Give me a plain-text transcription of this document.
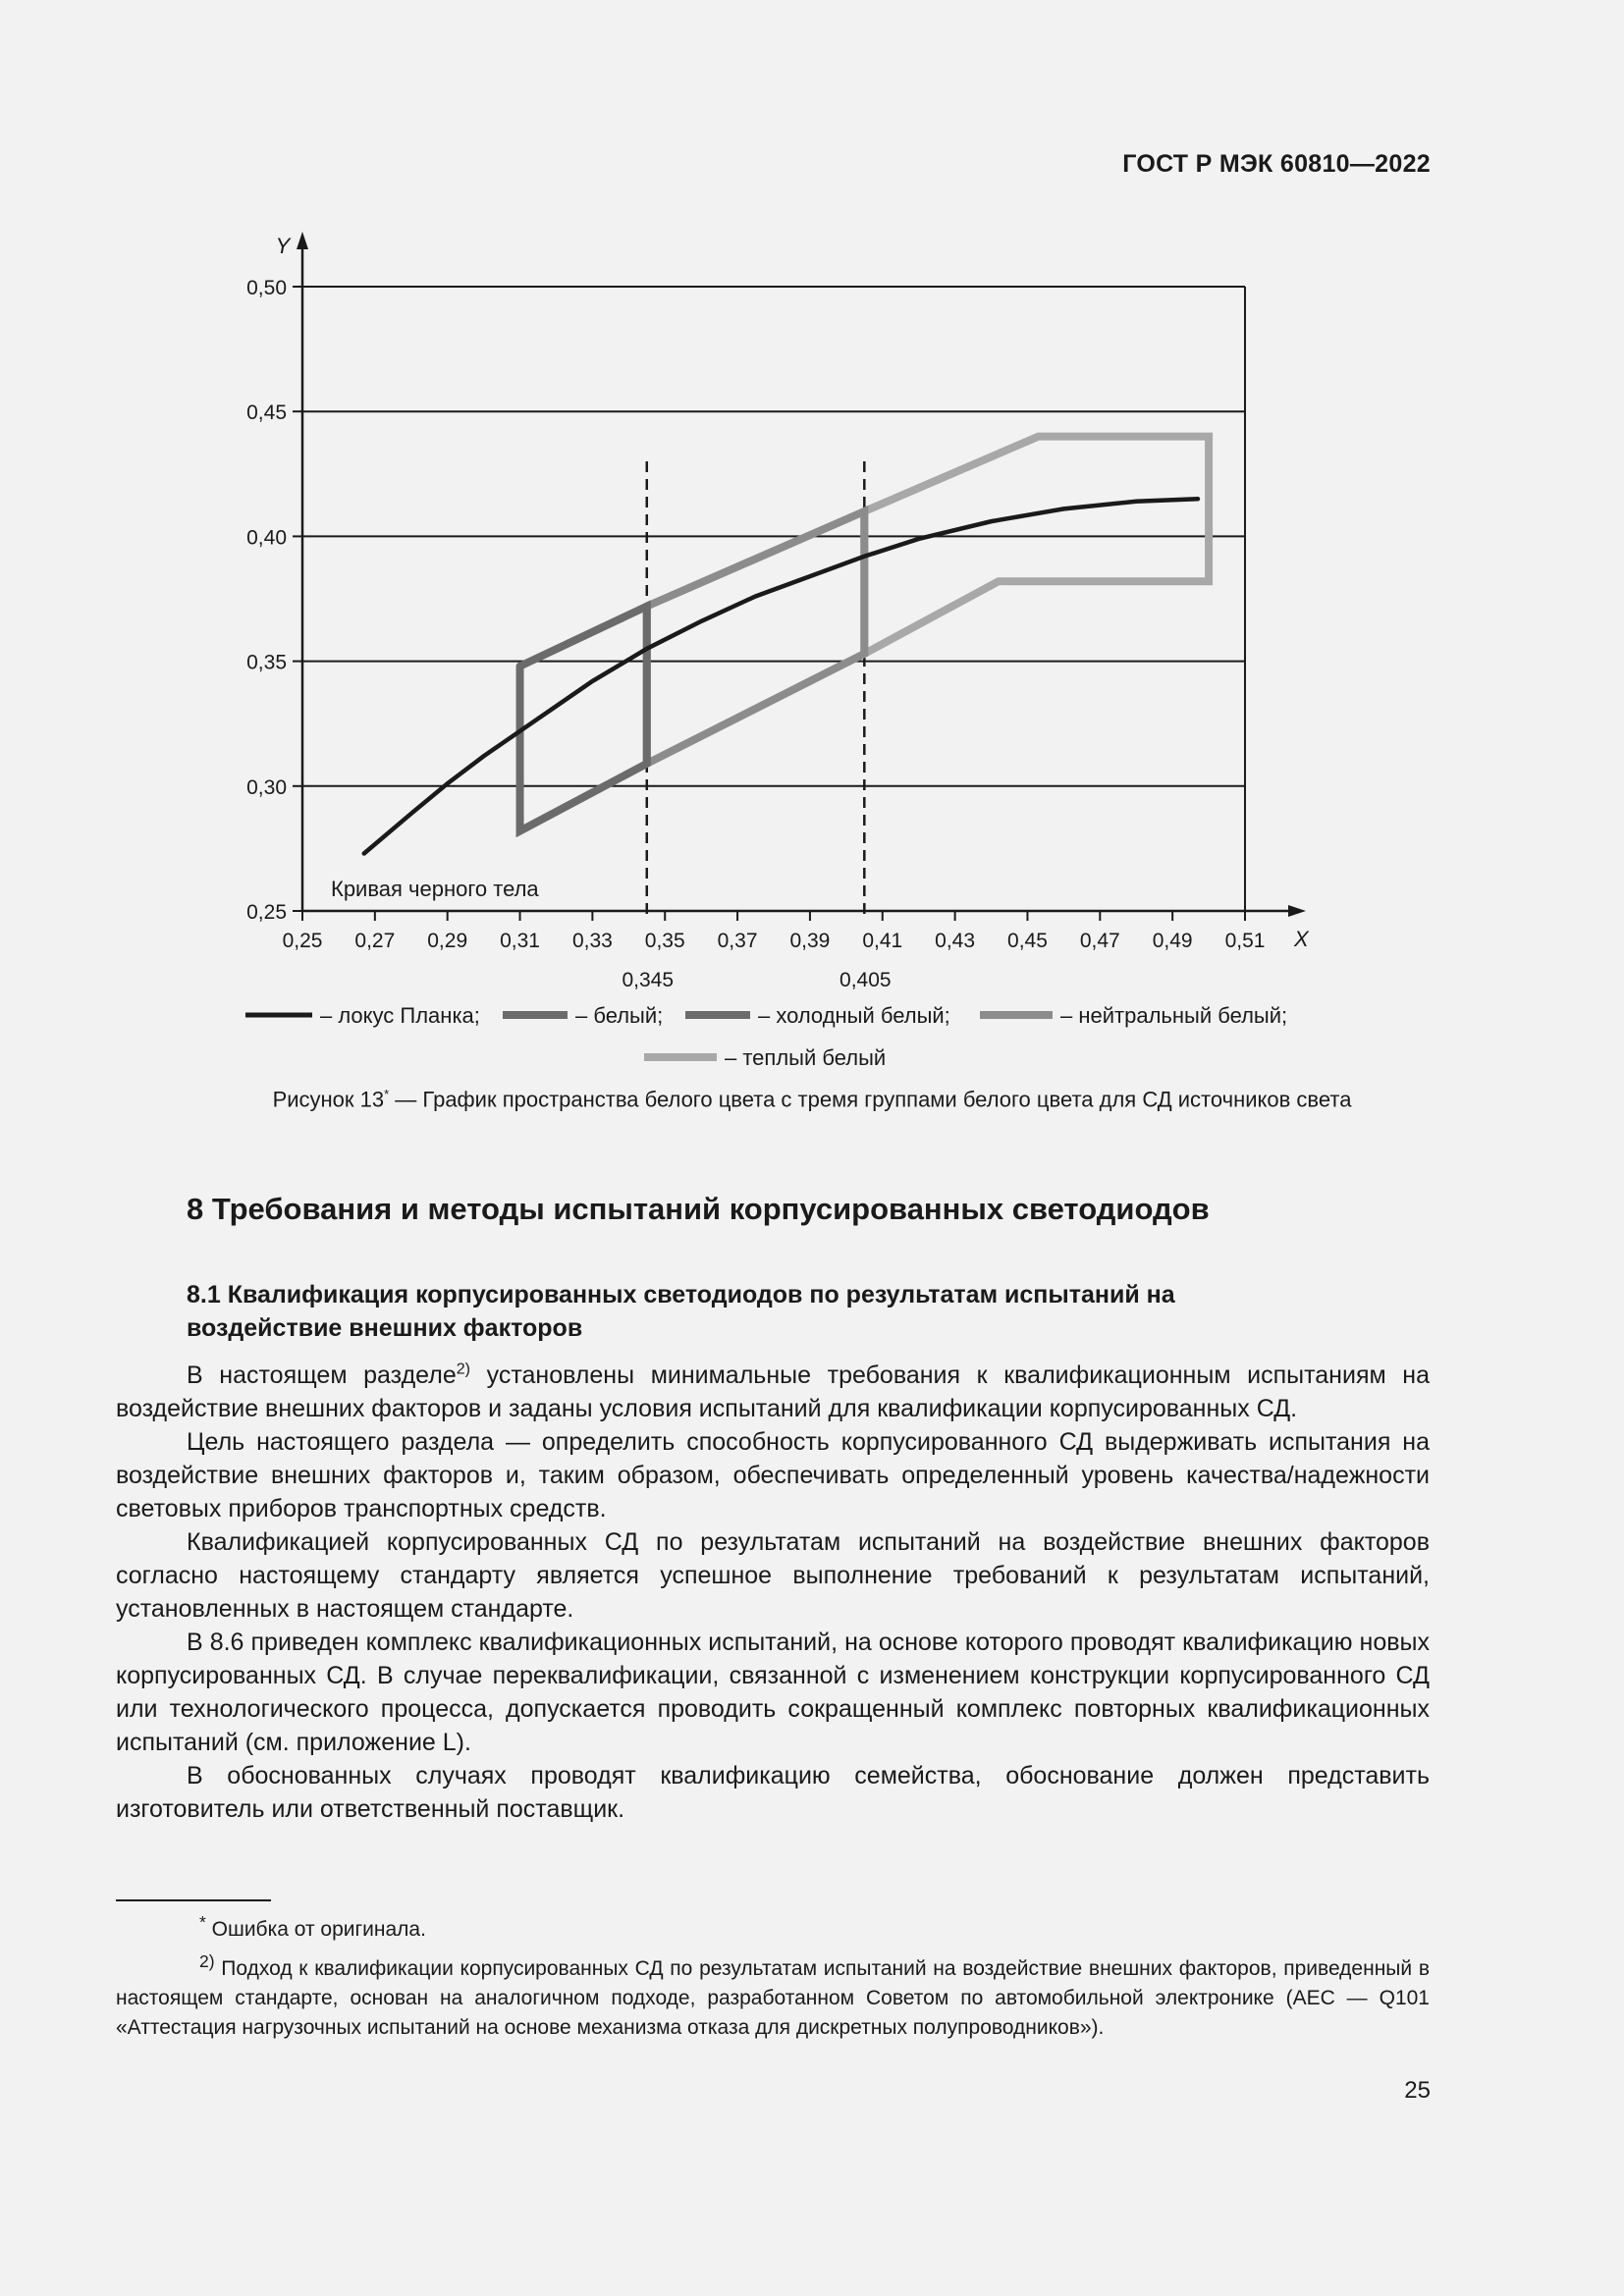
ГОСТ Р МЭК 60810—2022
0,25 0,27 0,29 0,31 0,33 0,35 0,37 0,39 0,41 0,43 0,45 0,47 0,49 0,51
0,25
0,30
0,35
0,40
0,45
0,50
Y
X
0,345	0,405
Кривая черного тела
– локус Планка;	– белый;	– холодный белый;	– нейтральный белый;
– теплый белый
Рисунок 13* — График пространства белого цвета с тремя группами белого цвета для СД источников света
8 Требования и методы испытаний корпусированных светодиодов
8.1 Квалификация корпусированных светодиодов по результатам испытаний на воздействие внешних факторов

В настоящем разделе$^{2)}$ установлены минимальные требования к квалификационным испытаниям на воздействие внешних факторов и заданы условия испытаний для квалификации корпусированных СД.

Цель настоящего раздела — определить способность корпусированного СД выдерживать испытания на воздействие внешних факторов и, таким образом, обеспечивать определенный уровень качества/надежности световых приборов транспортных средств.

Квалификацией корпусированных СД по результатам испытаний на воздействие внешних факторов согласно настоящему стандарту является успешное выполнение требований к результатам испытаний, установленных в настоящем стандарте.

В 8.6 приведен комплекс квалификационных испытаний, на основе которого проводят квалификацию новых корпусированных СД. В случае переквалификации, связанной с изменением конструкции корпусированного СД или технологического процесса, допускается проводить сокращенный комплекс повторных квалификационных испытаний (см. приложение L).

В обоснованных случаях проводят квалификацию семейства, обоснование должен представить изготовитель или ответственный поставщик.

* Ошибка от оригинала.

$^{2)}$ Подход к квалификации корпусированных СД по результатам испытаний на воздействие внешних факторов, приведенный в настоящем стандарте, основан на аналогичном подходе, разработанном Советом по автомобильной электронике (AEC — Q101 «Аттестация нагрузочных испытаний на основе механизма отказа для дискретных полупроводников»).

25
